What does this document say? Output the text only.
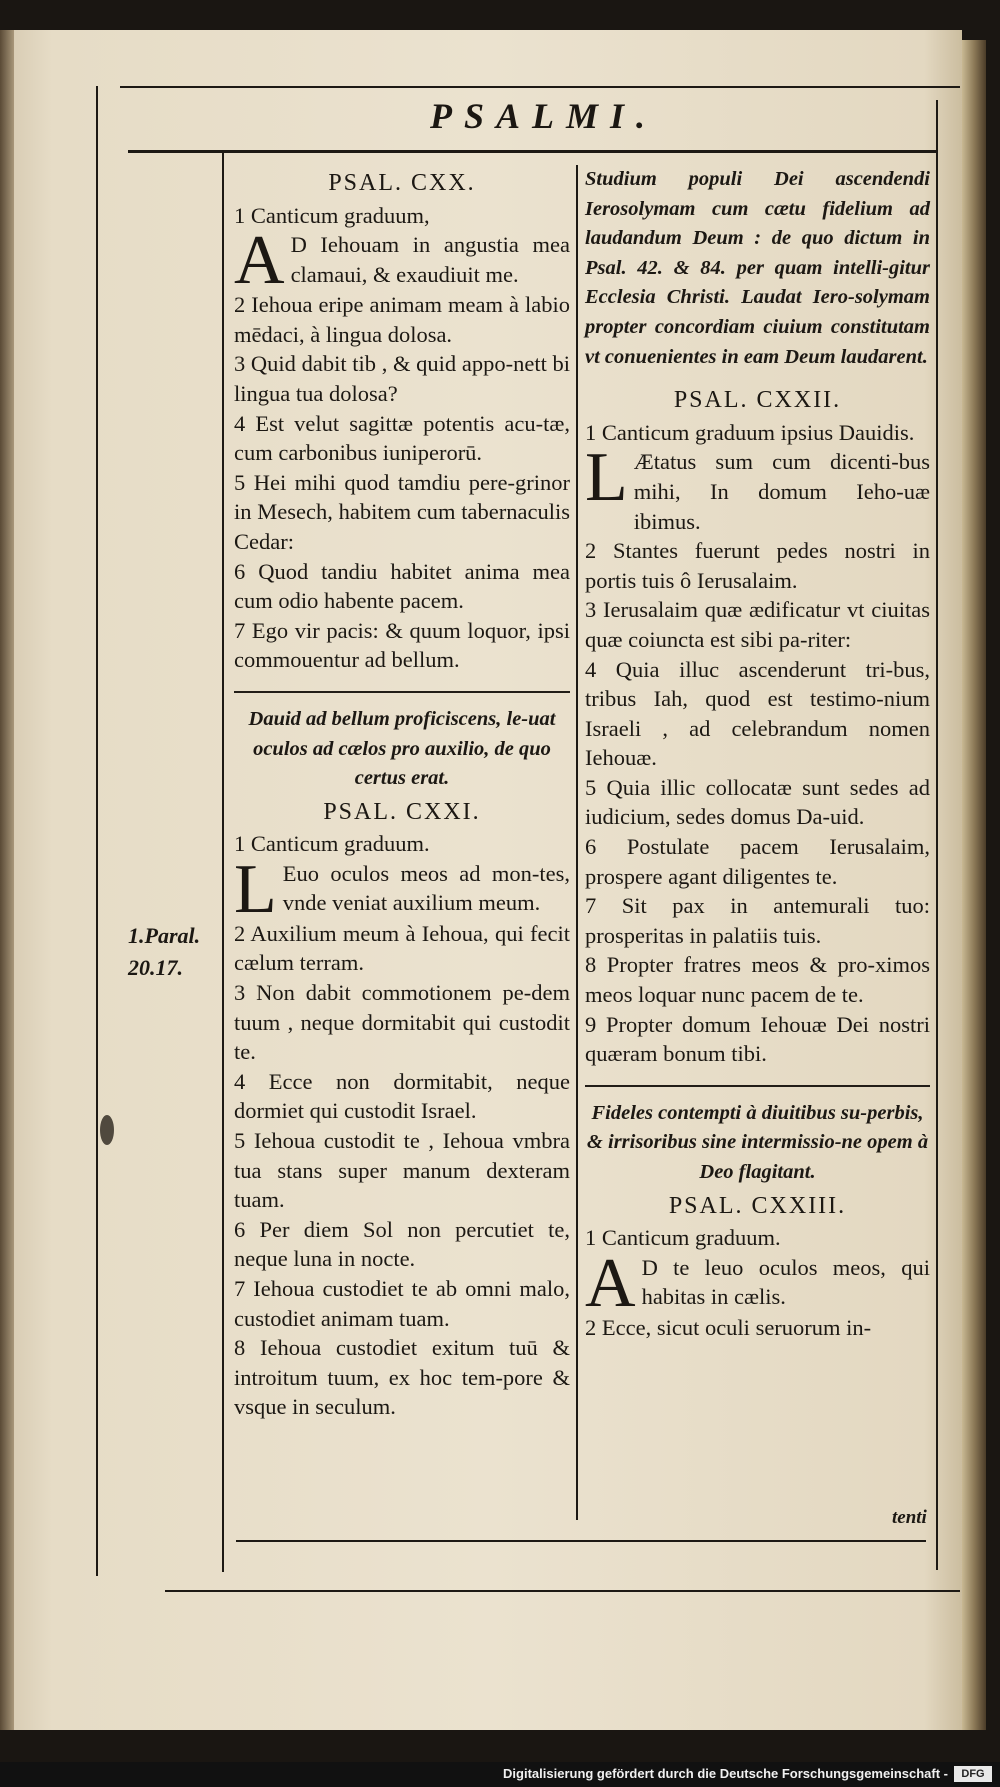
PSALMI.
PSAL. CXX.
1 Canticum graduum,
A D Iehouam in angustia mea clamaui, & exaudiuit me.
2 Iehoua eripe animam meam à labio mēdaci, à lingua dolosa.
3 Quid dabit tib , & quid appo-nett bi lingua tua dolosa?
4 Est velut sagittæ potentis acu-tæ, cum carbonibus iuniperorū.
5 Hei mihi quod tamdiu pere-grinor in Mesech, habitem cum tabernaculis Cedar:
6 Quod tandiu habitet anima mea cum odio habente pacem.
7 Ego vir pacis: & quum loquor, ipsi commouentur ad bellum.
Dauid ad bellum proficiscens, le-uat oculos ad cælos pro auxilio, de quo certus erat.
PSAL. CXXI.
1 Canticum graduum.
L Euo oculos meos ad mon-tes, vnde veniat auxilium meum.
2 Auxilium meum à Iehoua, qui fecit cælum terram.
3 Non dabit commotionem pe-dem tuum , neque dormitabit qui custodit te.
4 Ecce non dormitabit, neque dormiet qui custodit Israel.
5 Iehoua custodit te , Iehoua vmbra tua stans super manum dexteram tuam.
6 Per diem Sol non percutiet te, neque luna in nocte.
7 Iehoua custodiet te ab omni malo, custodiet animam tuam.
8 Iehoua custodiet exitum tuū & introitum tuum, ex hoc tem-pore & vsque in seculum.
Studium populi Dei ascendendi Ierosolymam cum cætu fidelium ad laudandum Deum : de quo dictum in Psal. 42. & 84. per quam intelli-gitur Ecclesia Christi. Laudat Iero-solymam propter concordiam ciuium constitutam vt conuenientes in eam Deum laudarent.
PSAL. CXXII.
1 Canticum graduum ipsius Dauidis.
L Ætatus sum cum dicenti-bus mihi, In domum Ieho-uæ ibimus.
2 Stantes fuerunt pedes nostri in portis tuis ô Ierusalaim.
3 Ierusalaim quæ ædificatur vt ciuitas quæ coiuncta est sibi pa-riter:
4 Quia illuc ascenderunt tri-bus, tribus Iah, quod est testimo-nium Israeli , ad celebrandum nomen Iehouæ.
5 Quia illic collocatæ sunt sedes ad iudicium, sedes domus Da-uid.
6 Postulate pacem Ierusalaim, prospere agant diligentes te.
7 Sit pax in antemurali tuo: prosperitas in palatiis tuis.
8 Propter fratres meos & pro-ximos meos loquar nunc pacem de te.
9 Propter domum Iehouæ Dei nostri quæram bonum tibi.
Fideles contempti à diuitibus su-perbis, & irrisoribus sine intermissio-ne opem à Deo flagitant.
PSAL. CXXIII.
1 Canticum graduum.
A D te leuo oculos meos, qui habitas in cælis.
2 Ecce, sicut oculi seruorum in-
1.Paral. 20.17.
tenti
Digitalisierung gefördert durch die Deutsche Forschungsgemeinschaft -	DFG
